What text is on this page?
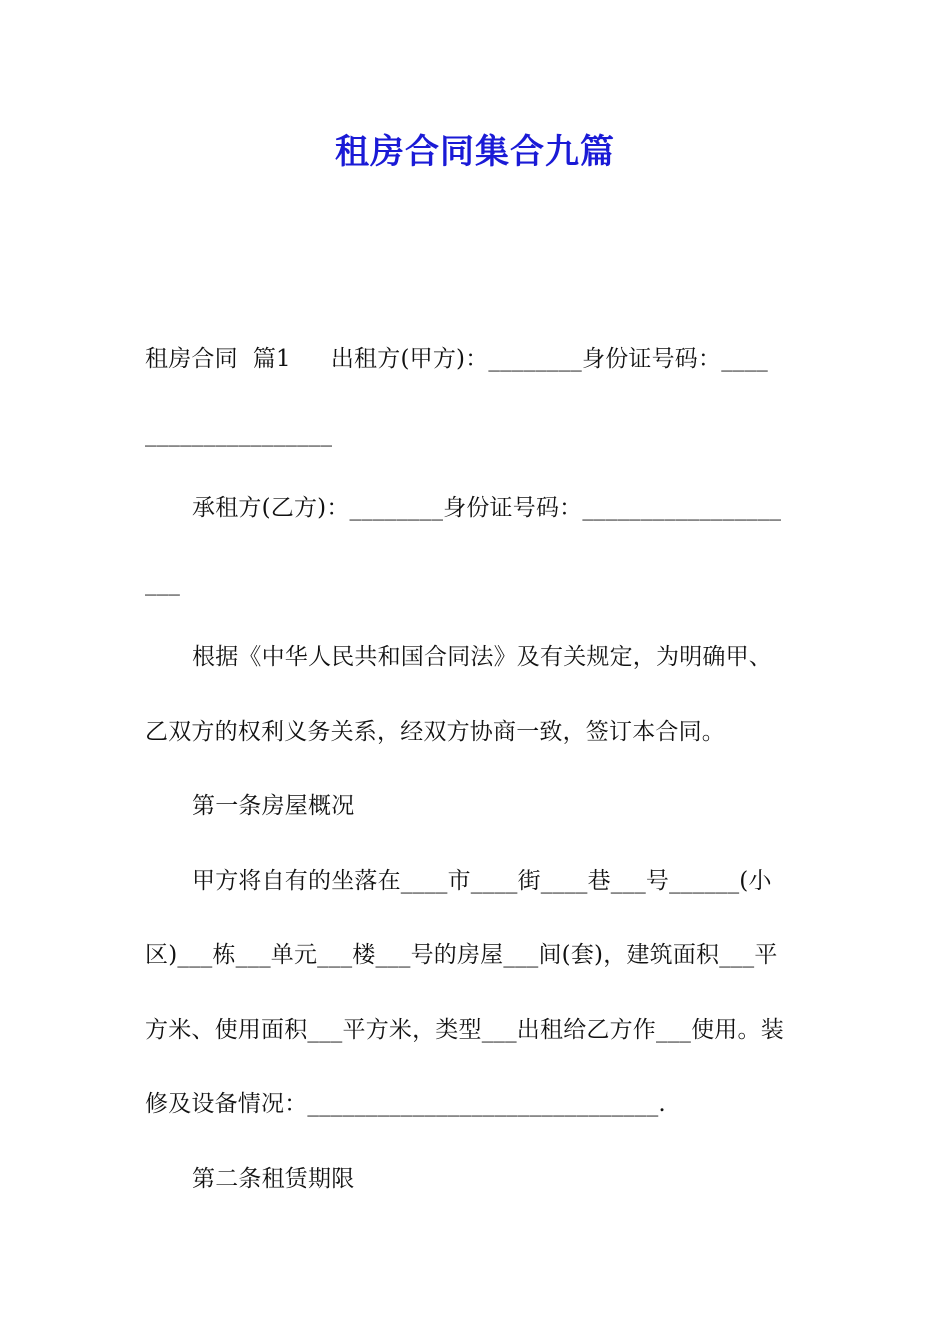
租房合同集合九篇
租房合同  篇1 出租方(甲方)：________身份证号码：____
________________
承租方(乙方)：________身份证号码：_________________
___
根据《中华人民共和国合同法》及有关规定，为明确甲、
乙双方的权利义务关系，经双方协商一致，签订本合同。
第一条房屋概况
甲方将自有的坐落在____市____街____巷___号______(小
区)___栋___单元___楼___号的房屋___间(套)，建筑面积___平
方米、使用面积___平方米，类型___出租给乙方作___使用。装
修及设备情况：______________________________.
第二条租赁期限
